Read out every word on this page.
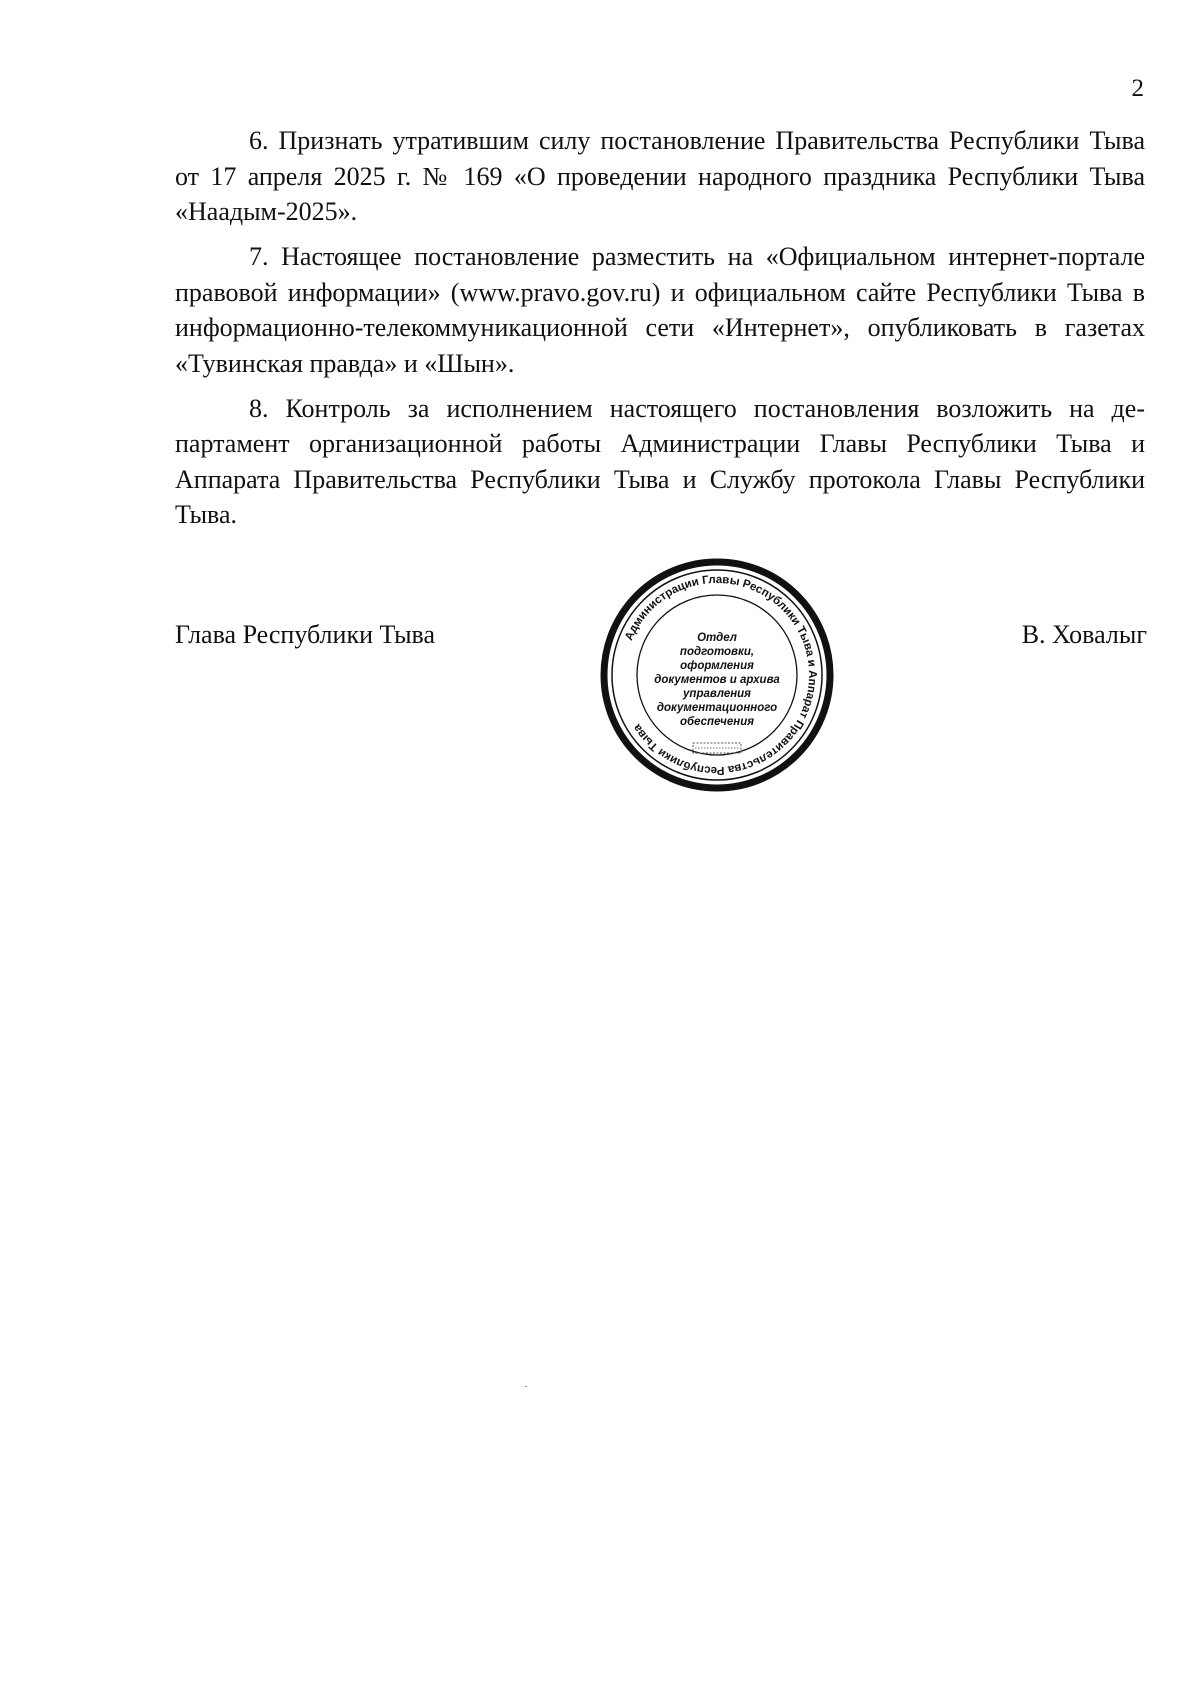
2

6. Признать утратившим силу постановление Правительства Республики Тыва от 17 апреля 2025 г. № 169 «О проведении народного праздника Республики Тыва «Наадым-2025».

7. Настоящее постановление разместить на «Официальном интернет-портале правовой информации» (www.pravo.gov.ru) и официальном сайте Республики Тыва в информационно-телекоммуникационной сети «Интернет», опубликовать в газетах «Тувинская правда» и «Шын».

8. Контроль за исполнением настоящего постановления возложить на департамент организационной работы Администрации Главы Республики Тыва и Аппарата Правительства Республики Тыва и Службу протокола Главы Республики Тыва.

Глава Республики Тыва	В. Ховалыг
Администрации Главы Республики Тыва и Аппарат Правительства Республики Тыва
Отдел
подготовки,
оформления
документов и архива
управления
документационного
обеспечения
